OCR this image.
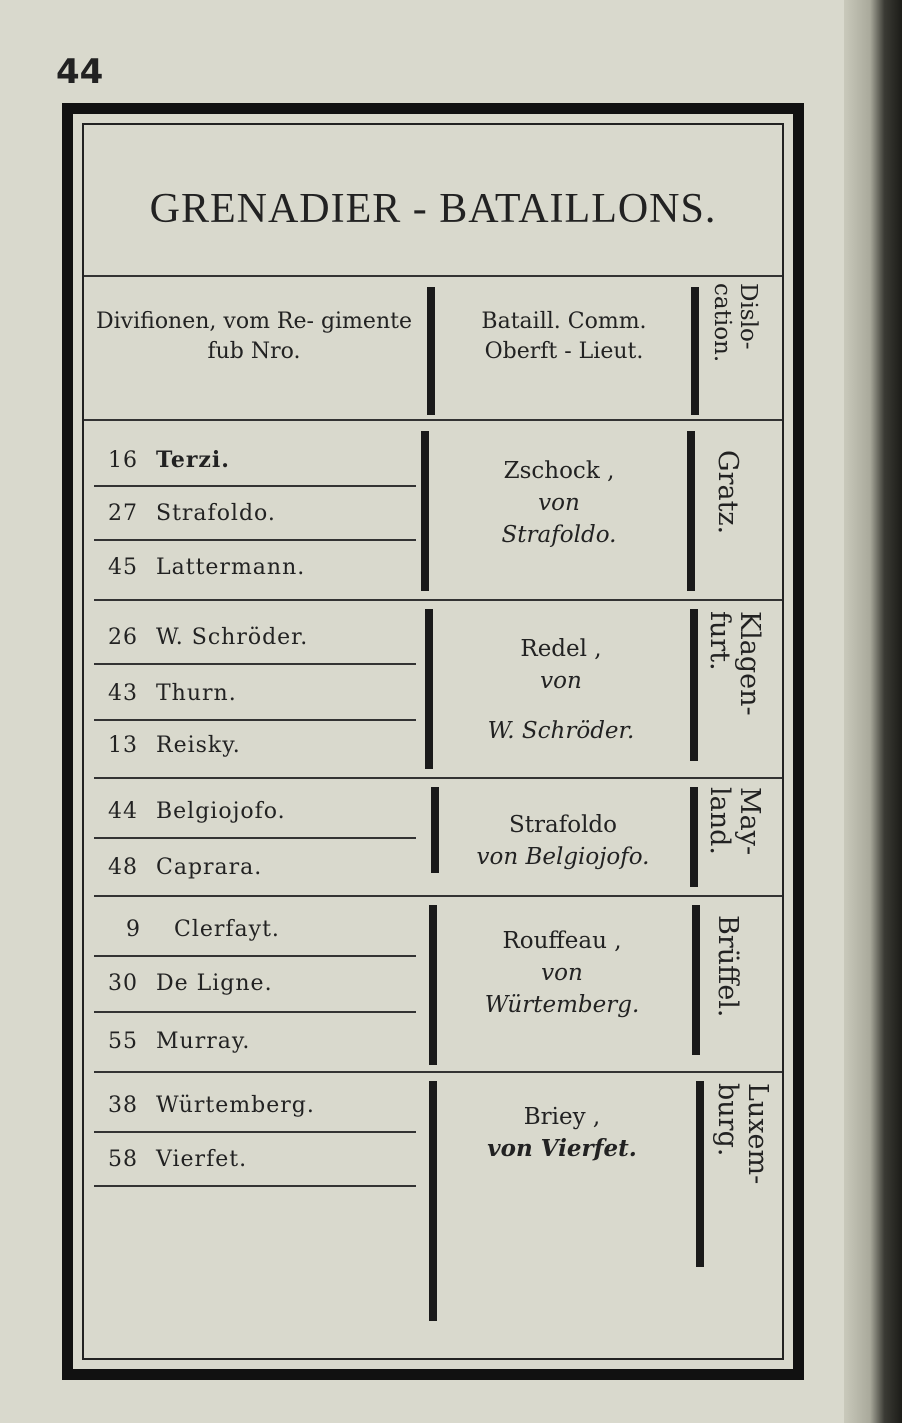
44
GRENADIER - BATAILLONS.
Divifionen, vom Re- gimente fub Nro.
Bataill. Comm. Oberft - Lieut.
Dislo- cation.
16 Terzi.
27 Strafoldo.
45 Lattermann.
Zschock ,
von
Strafoldo.
Gratz.
26 W. Schröder.
43 Thurn.
13 Reisky.
Redel ,
von
W. Schröder.
Klagen- furt.
44 Belgiojofo.
48 Caprara.
Strafoldo
von Belgiojofo.
May- land.
9 Clerfayt.
30 De Ligne.
55 Murray.
Rouffeau ,
von
Würtemberg.	Brüffel.
38 Würtemberg.
58 Vierfet.
Briey ,
von Vierfet.	Luxem- burg.
